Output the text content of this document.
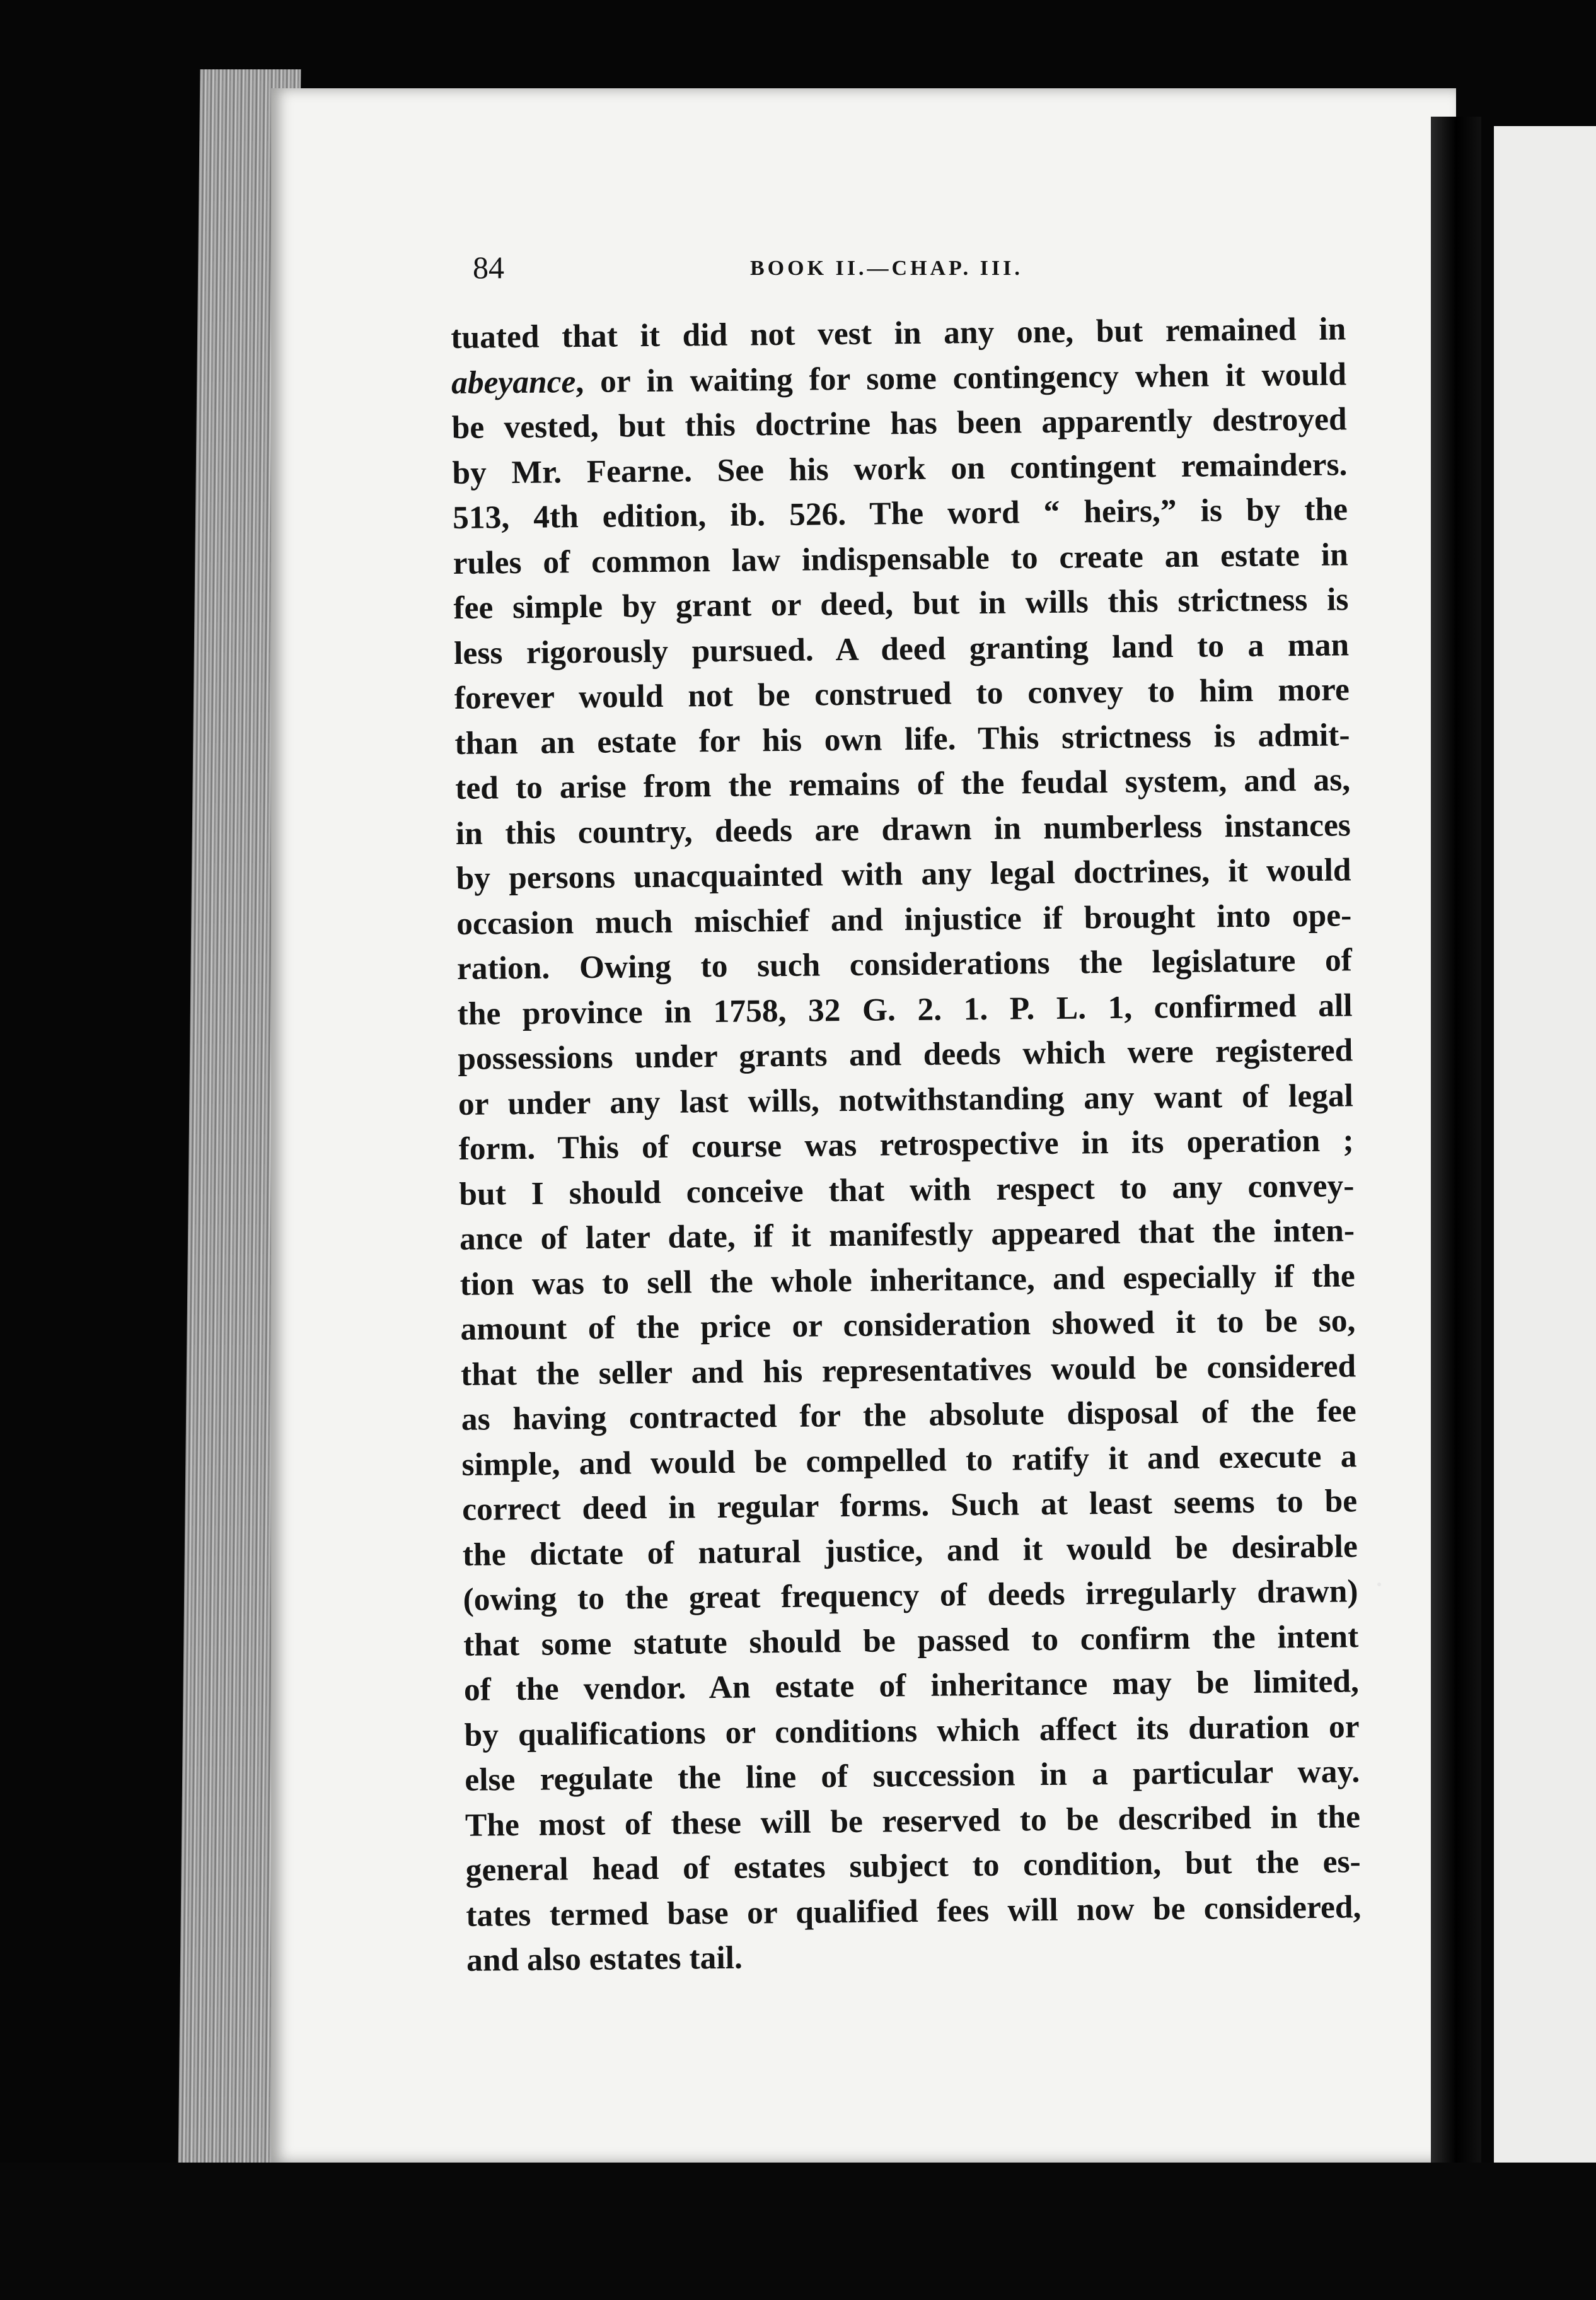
84	BOOK II.—CHAP. III.
tuated that it did not vest in any one, but remained in
abeyance, or in waiting for some contingency when it would
be vested, but this doctrine has been apparently destroyed
by Mr. Fearne. See his work on contingent remainders.
513, 4th edition, ib. 526. The word “ heirs,” is by the
rules of common law indispensable to create an estate in
fee simple by grant or deed, but in wills this strictness is
less rigorously pursued. A deed granting land to a man
forever would not be construed to convey to him more
than an estate for his own life. This strictness is admit-
ted to arise from the remains of the feudal system, and as,
in this country, deeds are drawn in numberless instances
by persons unacquainted with any legal doctrines, it would
occasion much mischief and injustice if brought into ope-
ration. Owing to such considerations the legislature of
the province in 1758, 32 G. 2. 1. P. L. 1, confirmed all
possessions under grants and deeds which were registered
or under any last wills, notwithstanding any want of legal
form. This of course was retrospective in its operation ;
but I should conceive that with respect to any convey-
ance of later date, if it manifestly appeared that the inten-
tion was to sell the whole inheritance, and especially if the
amount of the price or consideration showed it to be so,
that the seller and his representatives would be considered
as having contracted for the absolute disposal of the fee
simple, and would be compelled to ratify it and execute a
correct deed in regular forms. Such at least seems to be
the dictate of natural justice, and it would be desirable
(owing to the great frequency of deeds irregularly drawn)
that some statute should be passed to confirm the intent
of the vendor. An estate of inheritance may be limited,
by qualifications or conditions which affect its duration or
else regulate the line of succession in a particular way.
The most of these will be reserved to be described in the
general head of estates subject to condition, but the es-
tates termed base or qualified fees will now be considered,
and also estates tail.
